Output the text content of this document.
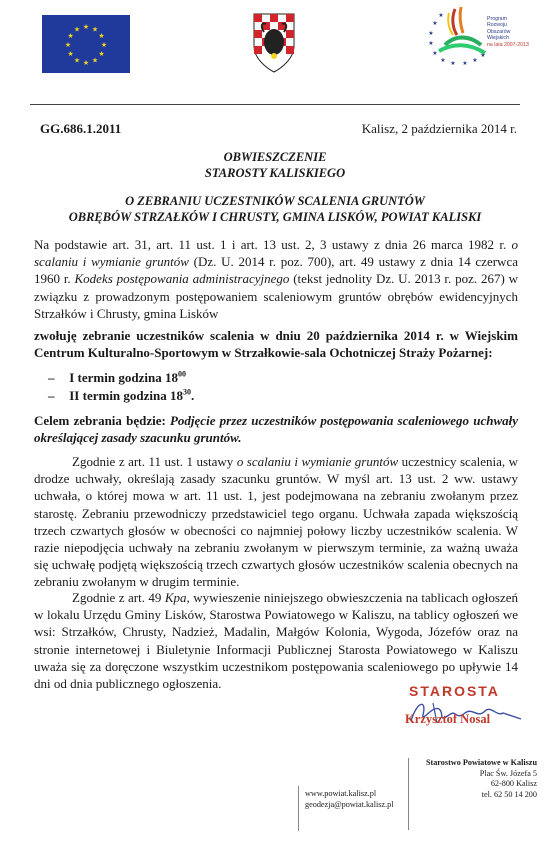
★ ★
★
★
★
★
★
★
★
★
★
★
★
★
★
★
★ ★ ★ ★
★
★	Program
Rozwoju
Obszarów
Wiejskich
na lata 2007-2013
GG.686.1.2011	Kalisz, 2 października 2014 r.
OBWIESZCZENIE
STAROSTY KALISKIEGO
O ZEBRANIU UCZESTNIKÓW SCALENIA GRUNTÓW
OBRĘBÓW STRZAŁKÓW I CHRUSTY, GMINA LISKÓW, POWIAT KALISKI
Na podstawie art. 31, art. 11 ust. 1 i art. 13 ust. 2, 3 ustawy z dnia 26 marca 1982 r. o scalaniu i wymianie gruntów (Dz. U. 2014 r. poz. 700), art. 49 ustawy z dnia 14 czerwca 1960 r. Kodeks postępowania administracyjnego (tekst jednolity Dz. U. 2013 r. poz. 267) w związku z prowadzonym postępowaniem scaleniowym gruntów obrębów ewidencyjnych Strzałków i Chrusty, gmina Lisków
zwołuję zebranie uczestników scalenia w dniu 20 października 2014 r. w Wiejskim Centrum Kulturalno-Sportowym w Strzałkowie-sala Ochotniczej Straży Pożarnej:
– I termin godzina $18^{00}$
– II termin godzina $18^{30}$.
Celem zebrania będzie: Podjęcie przez uczestników postępowania scaleniowego uchwały określającej zasady szacunku gruntów.
Zgodnie z art. 11 ust. 1 ustawy o scalaniu i wymianie gruntów uczestnicy scalenia, w drodze uchwały, określają zasady szacunku gruntów. W myśl art. 13 ust. 2 ww. ustawy uchwała, o której mowa w art. 11 ust. 1, jest podejmowana na zebraniu zwołanym przez starostę. Zebraniu przewodniczy przedstawiciel tego organu. Uchwała zapada większością trzech czwartych głosów w obecności co najmniej połowy liczby uczestników scalenia. W razie niepodjęcia uchwały na zebraniu zwołanym w pierwszym terminie, za ważną uważa się uchwałę podjętą większością trzech czwartych głosów uczestników scalenia obecnych na zebraniu zwołanym w drugim terminie.
Zgodnie z art. 49 Kpa, wywieszenie niniejszego obwieszczenia na tablicach ogłoszeń w lokalu Urzędu Gminy Lisków, Starostwa Powiatowego w Kaliszu, na tablicy ogłoszeń we wsi: Strzałków, Chrusty, Nadzież, Madalin, Małgów Kolonia, Wygoda, Józefów oraz na stronie internetowej i Biuletynie Informacji Publicznej Starosta Powiatowego w Kaliszu uważa się za doręczone wszystkim uczestnikom postępowania scaleniowego po upływie 14 dni od dnia publicznego ogłoszenia.	STAROSTA
Krzysztof Nosal
www.powiat.kalisz.pl
geodezja@powiat.kalisz.pl
Starostwo Powiatowe w Kaliszu
Plac Św. Józefa 5
62-800 Kalisz
tel. 62 50 14 200
